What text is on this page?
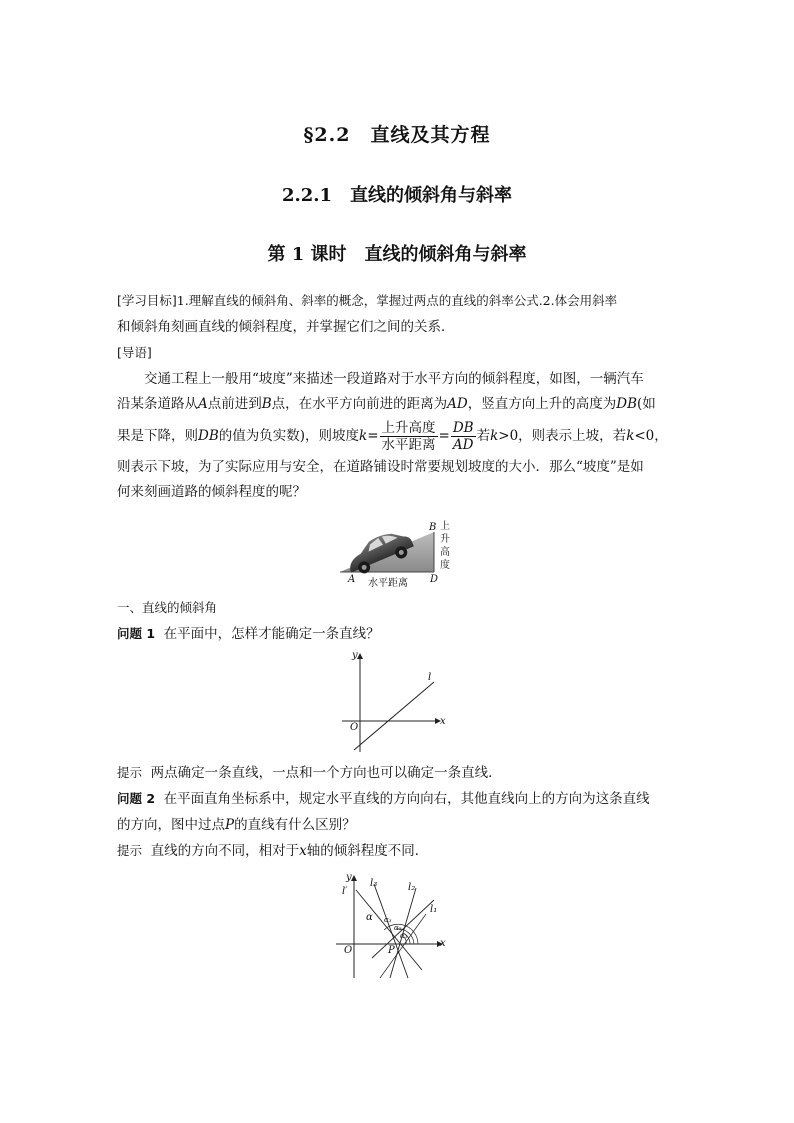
§2.2　直线及其方程
2.2.1　直线的倾斜角与斜率
第 1 课时　直线的倾斜角与斜率
[学习目标]1.理解直线的倾斜角、斜率的概念，掌握过两点的直线的斜率公式.2.体会用斜率
和倾斜角刻画直线的倾斜程度，并掌握它们之间的关系．
[导语]
交通工程上一般用“坡度”来描述一段道路对于水平方向的倾斜程度，如图，一辆汽车
沿某条道路从A点前进到B点，在水平方向前进的距离为AD，竖直方向上升的高度为DB(如
果是下降，则DB的值为负实数)，则坡度$k= \frac{\text{上升高度}}{\text{水平距离}} = \frac{DB}{AD}$ 若k>0，则表示上坡，若k<0，
则表示下坡，为了实际应用与安全，在道路铺设时常要规划坡度的大小．那么“坡度”是如
何来刻画道路的倾斜程度的呢？
A 水平距离 D
B 上
升
高
度
一、直线的倾斜角
问题 1 在平面中，怎样才能确定一条直线？
y
x
O
l
提示 两点确定一条直线，一点和一个方向也可以确定一条直线．
问题 2 在平面直角坐标系中，规定水平直线的方向向右，其他直线向上的方向为这条直线
的方向，图中过点P的直线有什么区别？
提示 直线的方向不同，相对于x轴的倾斜程度不同．
y
x
O	P
l′
l₃	l₂
l₁
α α₃
α₂
α₁
